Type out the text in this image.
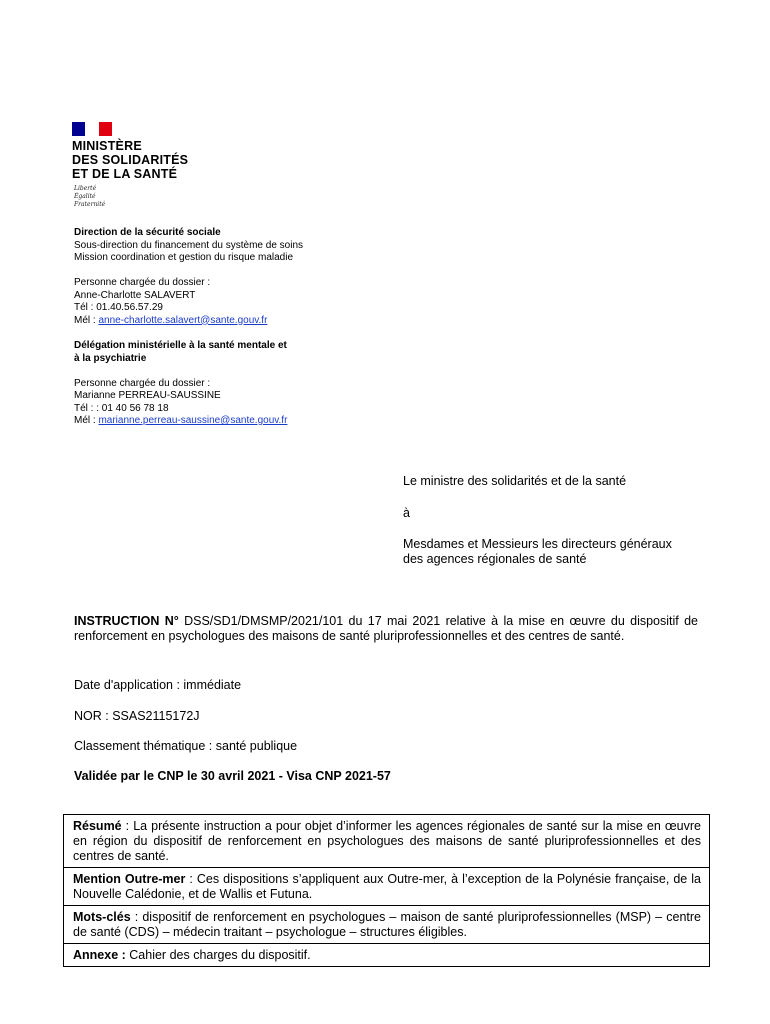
MINISTÈRE
DES SOLIDARITÉS
ET DE LA SANTÉ
Liberté
Égalité
Fraternité
Direction de la sécurité sociale
Sous-direction du financement du système de soins
Mission coordination et gestion du risque maladie
Personne chargée du dossier :
Anne-Charlotte SALAVERT
Tél : 01.40.56.57.29
Mél : anne-charlotte.salavert@sante.gouv.fr
Délégation ministérielle à la santé mentale et
à la psychiatrie
Personne chargée du dossier :
Marianne PERREAU-SAUSSINE
Tél : : 01 40 56 78 18
Mél : marianne.perreau-saussine@sante.gouv.fr
Le ministre des solidarités et de la santé
à
Mesdames et Messieurs les directeurs généraux
des agences régionales de santé
INSTRUCTION N° DSS/SD1/DMSMP/2021/101 du 17 mai 2021 relative à la mise en œuvre du dispositif de renforcement en psychologues des maisons de santé pluriprofessionnelles et des centres de santé.
Date d'application : immédiate
NOR : SSAS2115172J
Classement thématique : santé publique
Validée par le CNP le 30 avril 2021 - Visa CNP 2021-57
Résumé : La présente instruction a pour objet d’informer les agences régionales de santé sur la mise en œuvre en région du dispositif de renforcement en psychologues des maisons de santé pluriprofessionnelles et des centres de santé.
Mention Outre-mer : Ces dispositions s’appliquent aux Outre-mer, à l’exception de la Polynésie française, de la Nouvelle Calédonie, et de Wallis et Futuna.
Mots-clés : dispositif de renforcement en psychologues – maison de santé pluriprofessionnelles (MSP) – centre de santé (CDS) – médecin traitant – psychologue – structures éligibles.
Annexe : Cahier des charges du dispositif.
